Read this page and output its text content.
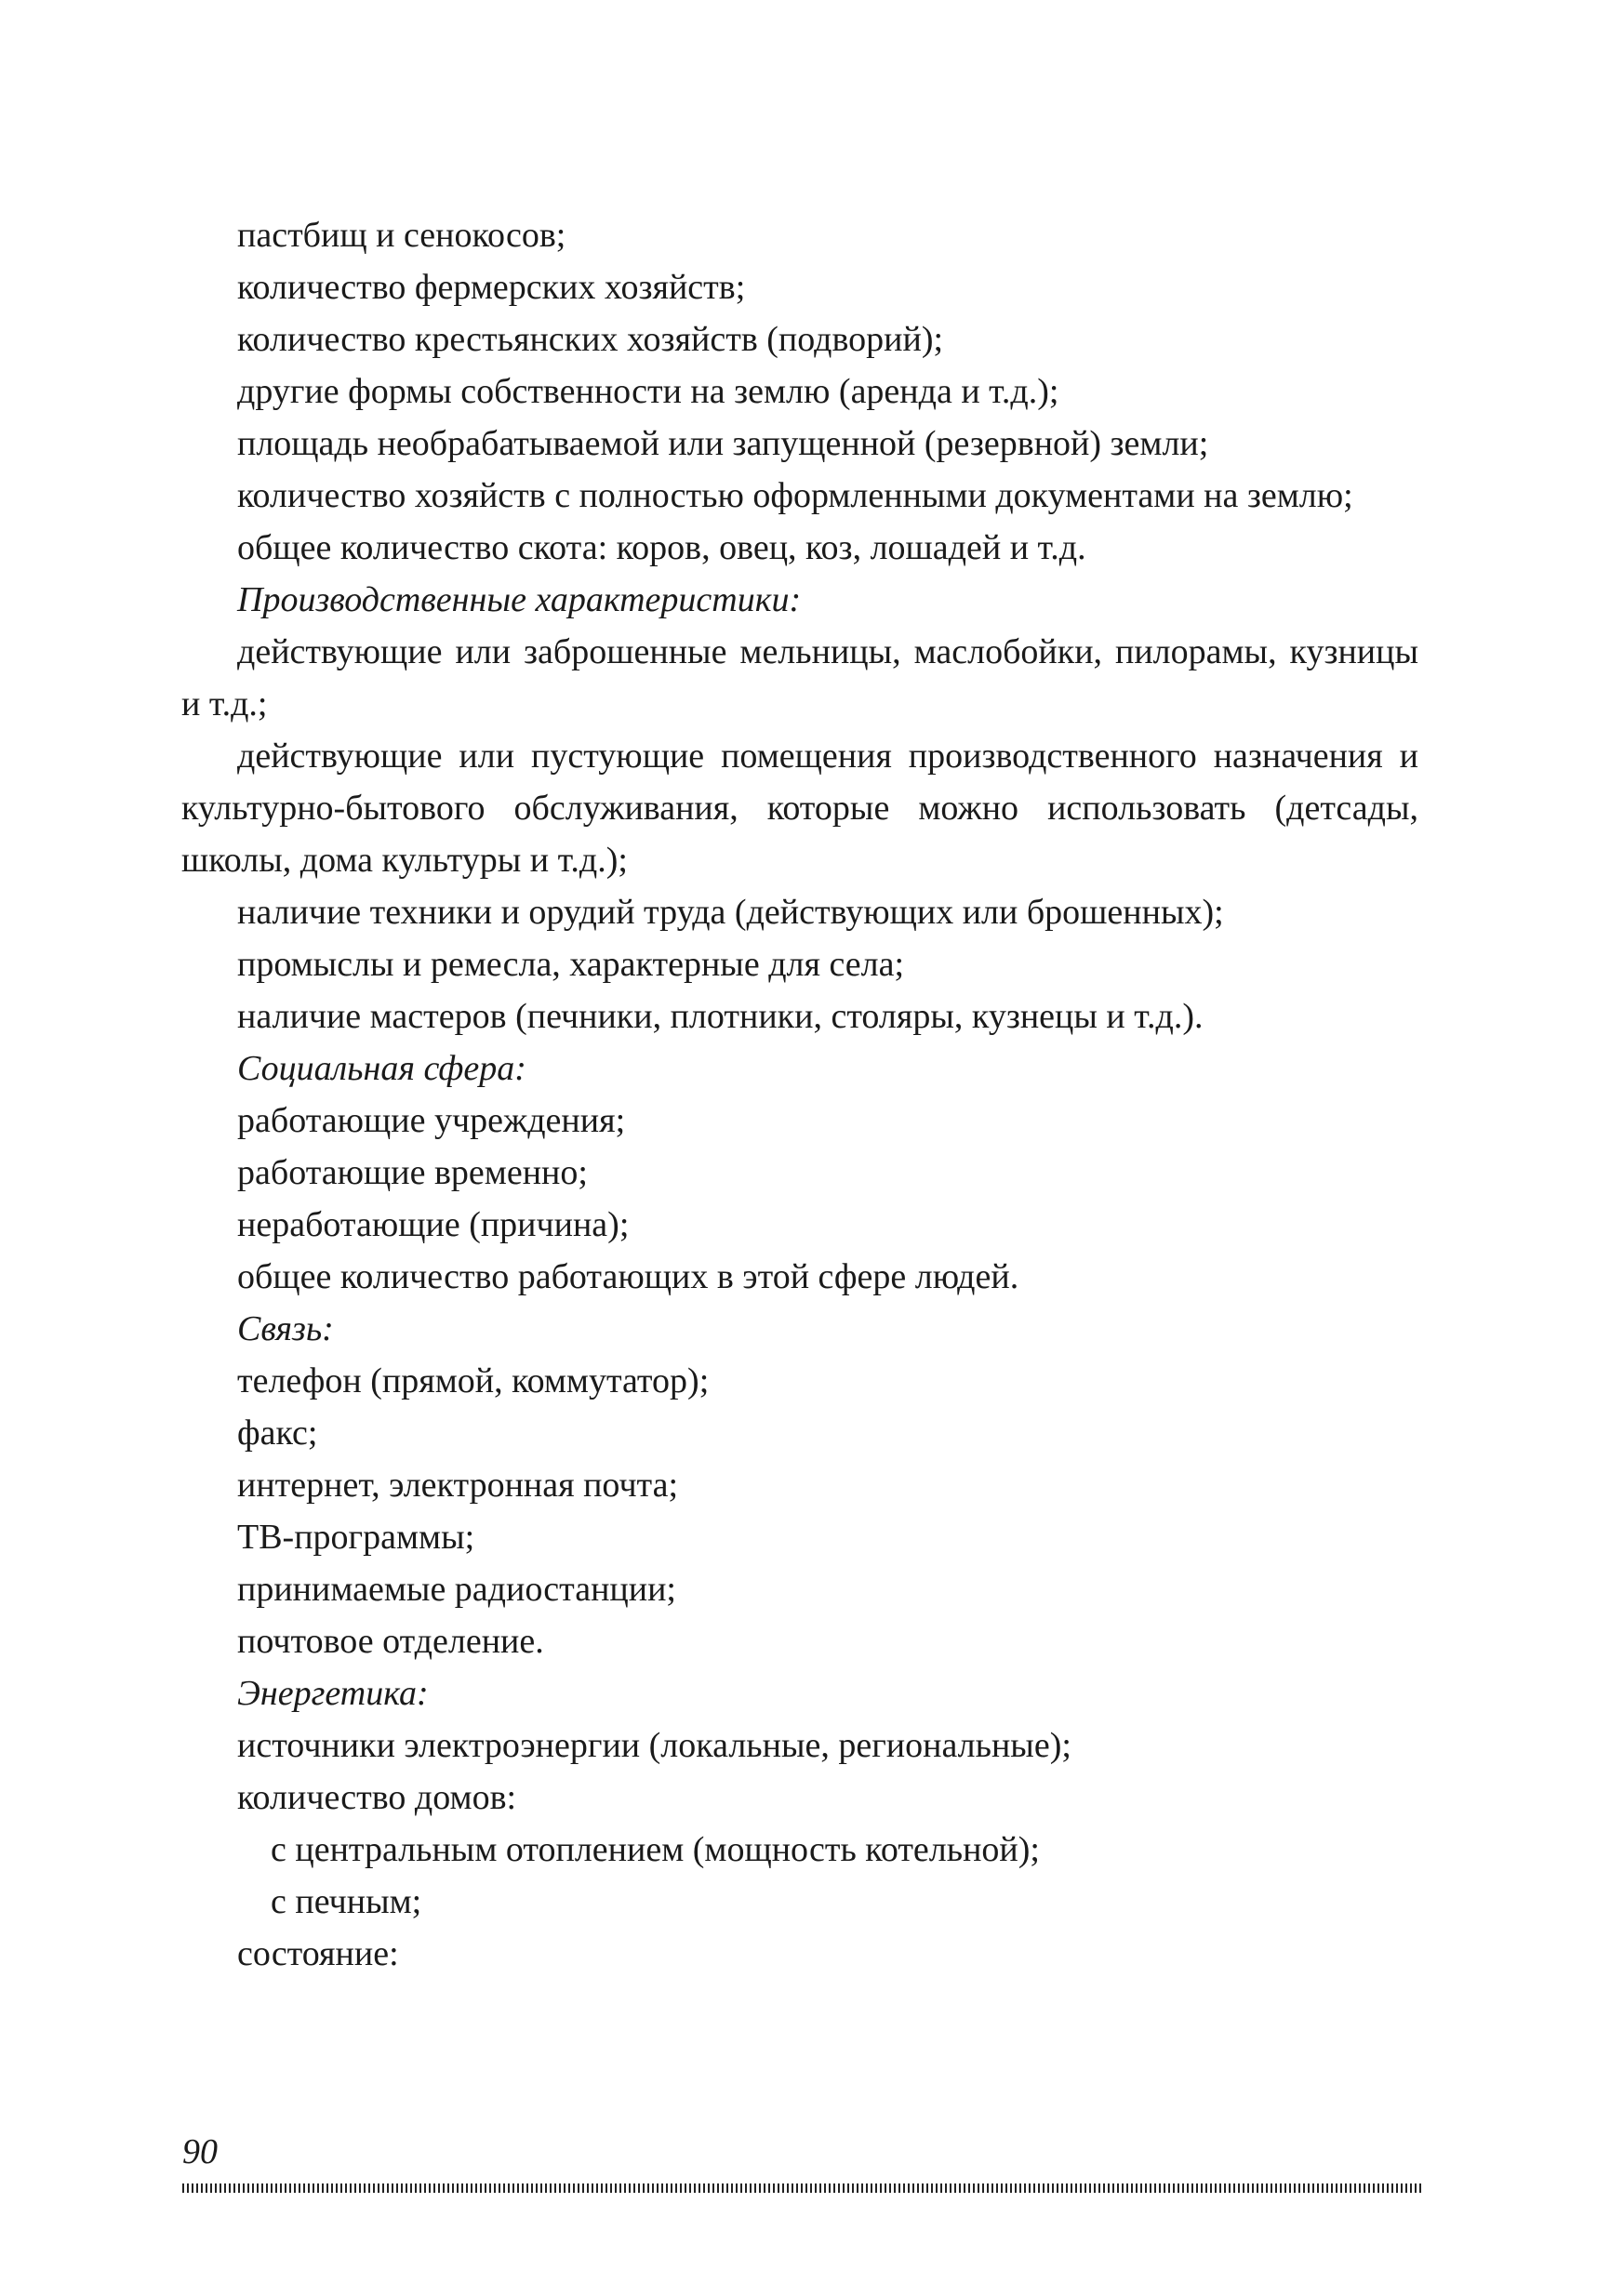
пастбищ и сенокосов;

количество фермерских хозяйств;

количество крестьянских хозяйств (подворий);

другие формы собственности на землю (аренда и т.д.);

площадь необрабатываемой или запущенной (резервной) земли;

количество хозяйств с полностью оформленными документами на землю;

общее количество скота: коров, овец, коз, лошадей и т.д.

Производственные характеристики:

действующие или заброшенные мельницы, маслобойки, пилорамы, кузницы и т.д.;

действующие или пустующие помещения производственного назначения и культурно-бытового обслуживания, которые можно использовать (детсады, школы, дома культуры и т.д.);

наличие техники и орудий труда (действующих или брошенных);

промыслы и ремесла, характерные для села;

наличие мастеров (печники, плотники, столяры, кузнецы и т.д.).

Социальная сфера:

работающие учреждения;

работающие временно;

неработающие (причина);

общее количество работающих в этой сфере людей.

Связь:

телефон (прямой, коммутатор);

факс;

интернет, электронная почта;

ТВ-программы;

принимаемые радиостанции;

почтовое отделение.

Энергетика:

источники электроэнергии (локальные, региональные);

количество домов:

с центральным отоплением (мощность котельной);

с печным;

состояние:

90
